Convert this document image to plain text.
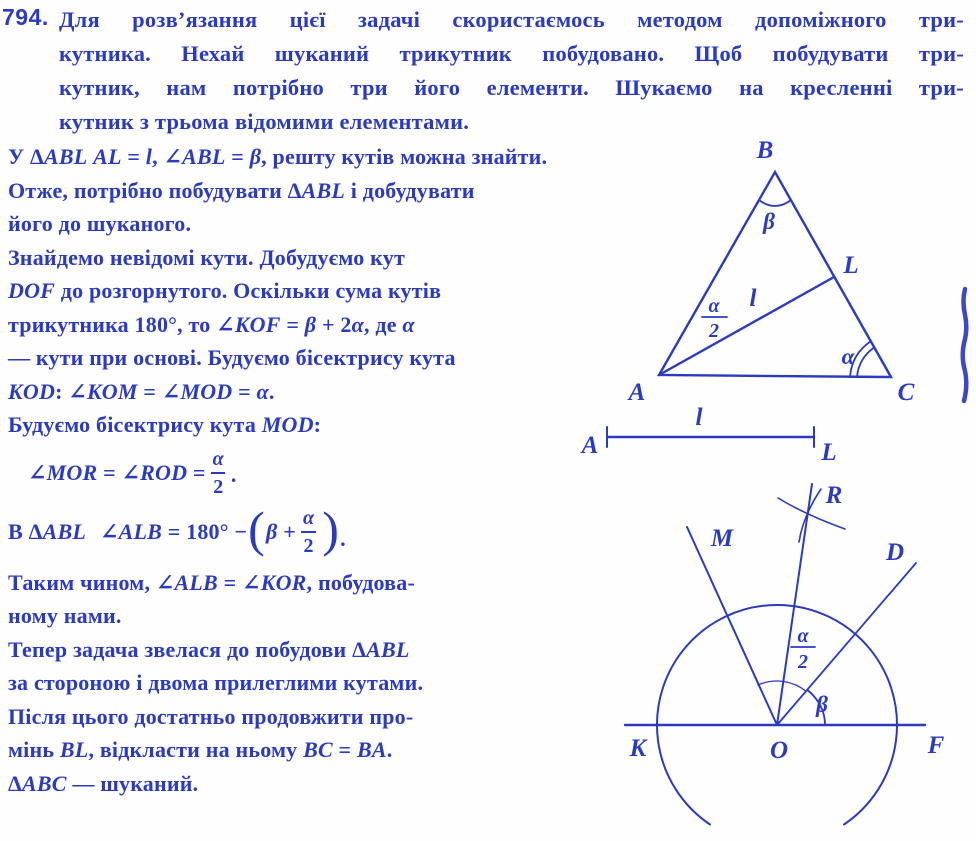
794. Для розв’язання цієї задачі скористаємось методом допоміжного три-
кутника. Нехай шуканий трикутник побудовано. Щоб побудувати три-
кутник, нам потрібно три його елементи. Шукаємо на кресленні три-
кутник з трьома відомими елементами.
У ΔABL AL = l, ∠ABL = β, решту кутів можна знайти.
Отже, потрібно побудувати ΔABL і добудувати
його до шуканого.
Знайдемо невідомі кути. Добудуємо кут
DOF до розгорнутого. Оскільки сума кутів
трикутника 180°, то ∠KOF = β + 2α, де α
— кути при основі. Будуємо бісектрису кута
KOD: ∠KOM = ∠MOD = α.
Будуємо бісектрису кута MOD:
∠MOR = ∠ROD = $\frac{\alpha}{2}$ .
В ΔABL ∠ALB = 180° − ( $\beta + \frac{\alpha}{2}$ ) .
Таким чином, ∠ALB = ∠KOR, побудова-
ному нами.
Тепер задача звелася до побудови ΔABL
за стороною і двома прилеглими кутами.
Після цього достатньо продовжити про-
мінь BL, відкласти на ньому BC = BA.
ΔABC — шуканий.
B
β
L
l
α
2
A	C
α
A
l
L
M
R
D
α
2
β
K	O	F
